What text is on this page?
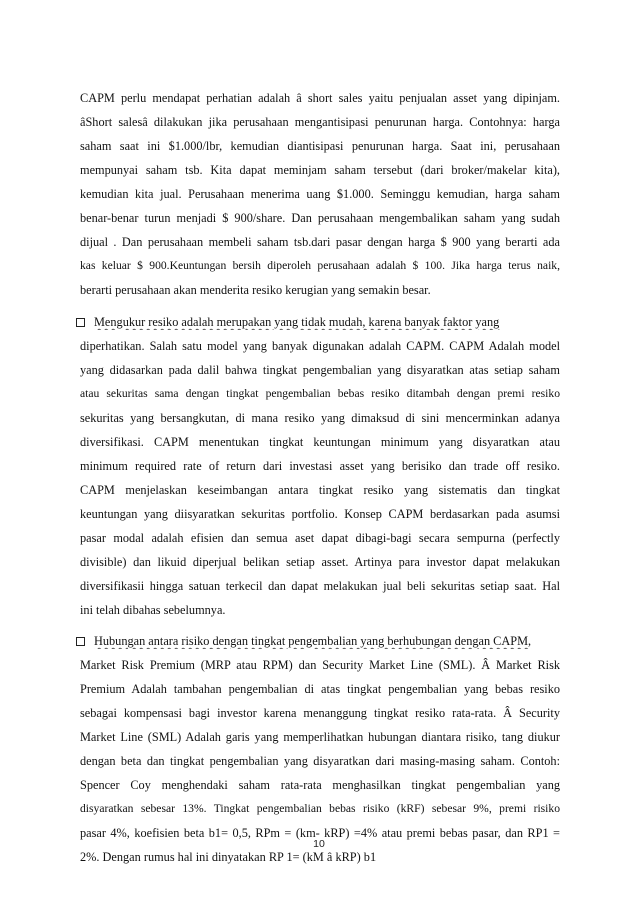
CAPM perlu mendapat perhatian adalah â short sales yaitu penjualan asset yang dipinjam.
âShort salesâ dilakukan jika perusahaan mengantisipasi penurunan harga. Contohnya: harga
saham saat ini $1.000/lbr, kemudian diantisipasi penurunan harga. Saat ini, perusahaan
mempunyai saham tsb. Kita dapat meminjam saham tersebut (dari broker/makelar kita),
kemudian kita jual. Perusahaan menerima uang $1.000. Seminggu kemudian, harga saham
benar-benar turun menjadi $ 900/share. Dan perusahaan mengembalikan saham yang sudah
dijual . Dan perusahaan membeli saham tsb.dari pasar dengan harga $ 900 yang berarti ada
kas keluar $ 900.Keuntungan bersih diperoleh perusahaan adalah $ 100. Jika harga terus naik,
berarti perusahaan akan menderita resiko kerugian yang semakin besar.
Mengukur resiko adalah merupakan yang tidak mudah, karena banyak faktor yang
diperhatikan. Salah satu model yang banyak digunakan adalah CAPM. CAPM Adalah model
yang didasarkan pada dalil bahwa tingkat pengembalian yang disyaratkan atas setiap saham
atau sekuritas sama dengan tingkat pengembalian bebas resiko ditambah dengan premi resiko
sekuritas yang bersangkutan, di mana resiko yang dimaksud di sini mencerminkan adanya
diversifikasi. CAPM menentukan tingkat keuntungan minimum yang disyaratkan atau
minimum required rate of return dari investasi asset yang berisiko dan trade off resiko.
CAPM menjelaskan keseimbangan antara tingkat resiko yang sistematis dan tingkat
keuntungan yang diisyaratkan sekuritas portfolio. Konsep CAPM berdasarkan pada asumsi
pasar modal adalah efisien dan semua aset dapat dibagi-bagi secara sempurna (perfectly
divisible) dan likuid diperjual belikan setiap asset. Artinya para investor dapat melakukan
diversifikasii hingga satuan terkecil dan dapat melakukan jual beli sekuritas setiap saat. Hal
ini telah dibahas sebelumnya.
Hubungan antara risiko dengan tingkat pengembalian yang berhubungan dengan CAPM,
Market Risk Premium (MRP atau RPM) dan Security Market Line (SML). Â Market Risk
Premium Adalah tambahan pengembalian di atas tingkat pengembalian yang bebas resiko
sebagai kompensasi bagi investor karena menanggung tingkat resiko rata-rata. Â Security
Market Line (SML) Adalah garis yang memperlihatkan hubungan diantara risiko, tang diukur
dengan beta dan tingkat pengembalian yang disyaratkan dari masing-masing saham. Contoh:
Spencer Coy menghendaki saham rata-rata menghasilkan tingkat pengembalian yang
disyaratkan sebesar 13%. Tingkat pengembalian bebas risiko (kRF) sebesar 9%, premi risiko
pasar 4%, koefisien beta b1= 0,5, RPm = (km- kRP) =4% atau premi bebas pasar, dan RP1 =
2%. Dengan rumus hal ini dinyatakan RP 1= (kM â kRP) b1
10
